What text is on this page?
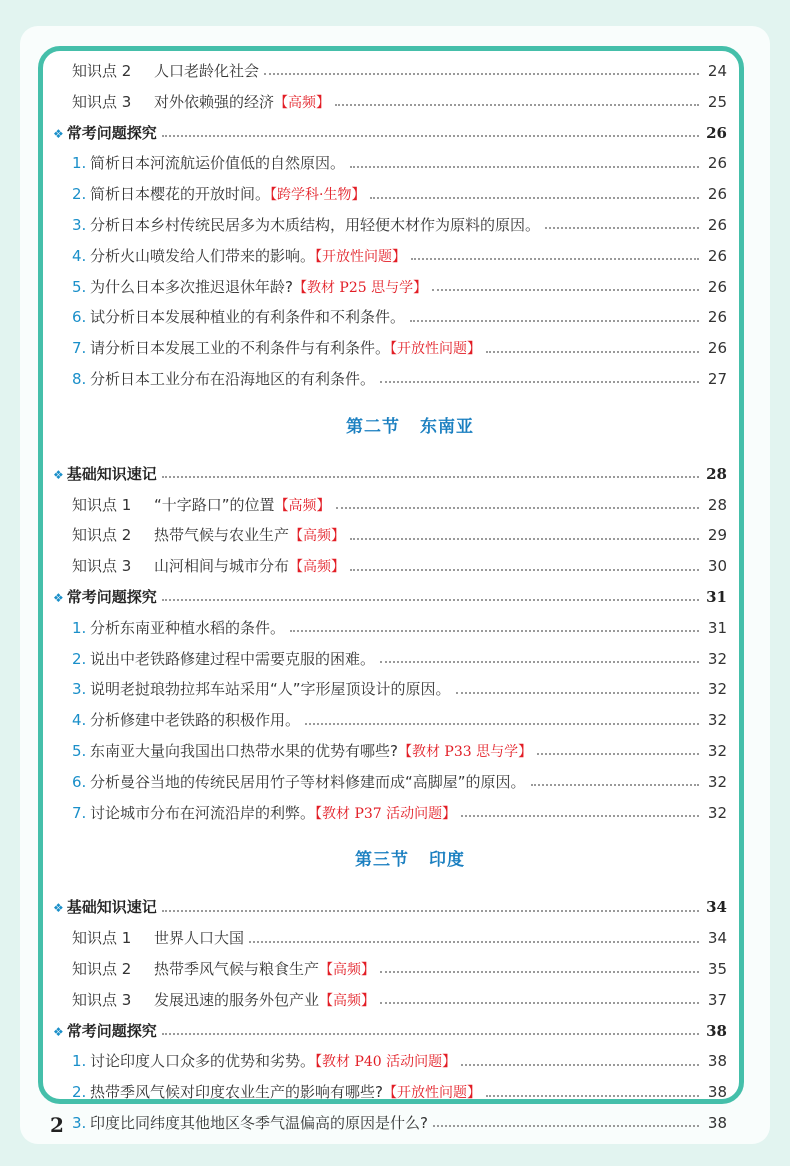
知识点 2 人口老龄化社会	24
知识点 3 对外依赖强的经济【高频】	25
❖ 常考问题探究	26
1. 简析日本河流航运价值低的自然原因。	26
2. 简析日本樱花的开放时间。【跨学科·生物】	26
3. 分析日本乡村传统民居多为木质结构，用轻便木材作为原料的原因。	26
4. 分析火山喷发给人们带来的影响。【开放性问题】	26
5. 为什么日本多次推迟退休年龄?【教材 P25 思与学】	26
6. 试分析日本发展种植业的有利条件和不利条件。	26
7. 请分析日本发展工业的不利条件与有利条件。【开放性问题】	26
8. 分析日本工业分布在沿海地区的有利条件。	27
第二节 东南亚
❖ 基础知识速记	28
知识点 1 “十字路口”的位置【高频】	28
知识点 2 热带气候与农业生产【高频】	29
知识点 3 山河相间与城市分布【高频】	30
❖ 常考问题探究	31
1. 分析东南亚种植水稻的条件。	31
2. 说出中老铁路修建过程中需要克服的困难。	32
3. 说明老挝琅勃拉邦车站采用“人”字形屋顶设计的原因。	32
4. 分析修建中老铁路的积极作用。	32
5. 东南亚大量向我国出口热带水果的优势有哪些?【教材 P33 思与学】	32
6. 分析曼谷当地的传统民居用竹子等材料修建而成“高脚屋”的原因。	32
7. 讨论城市分布在河流沿岸的利弊。【教材 P37 活动问题】	32
第三节 印度
❖ 基础知识速记	34
知识点 1 世界人口大国	34
知识点 2 热带季风气候与粮食生产【高频】	35
知识点 3 发展迅速的服务外包产业【高频】	37
❖ 常考问题探究	38
1. 讨论印度人口众多的优势和劣势。【教材 P40 活动问题】	38
2. 热带季风气候对印度农业生产的影响有哪些?【开放性问题】	38
3. 印度比同纬度其他地区冬季气温偏高的原因是什么?	38
2
